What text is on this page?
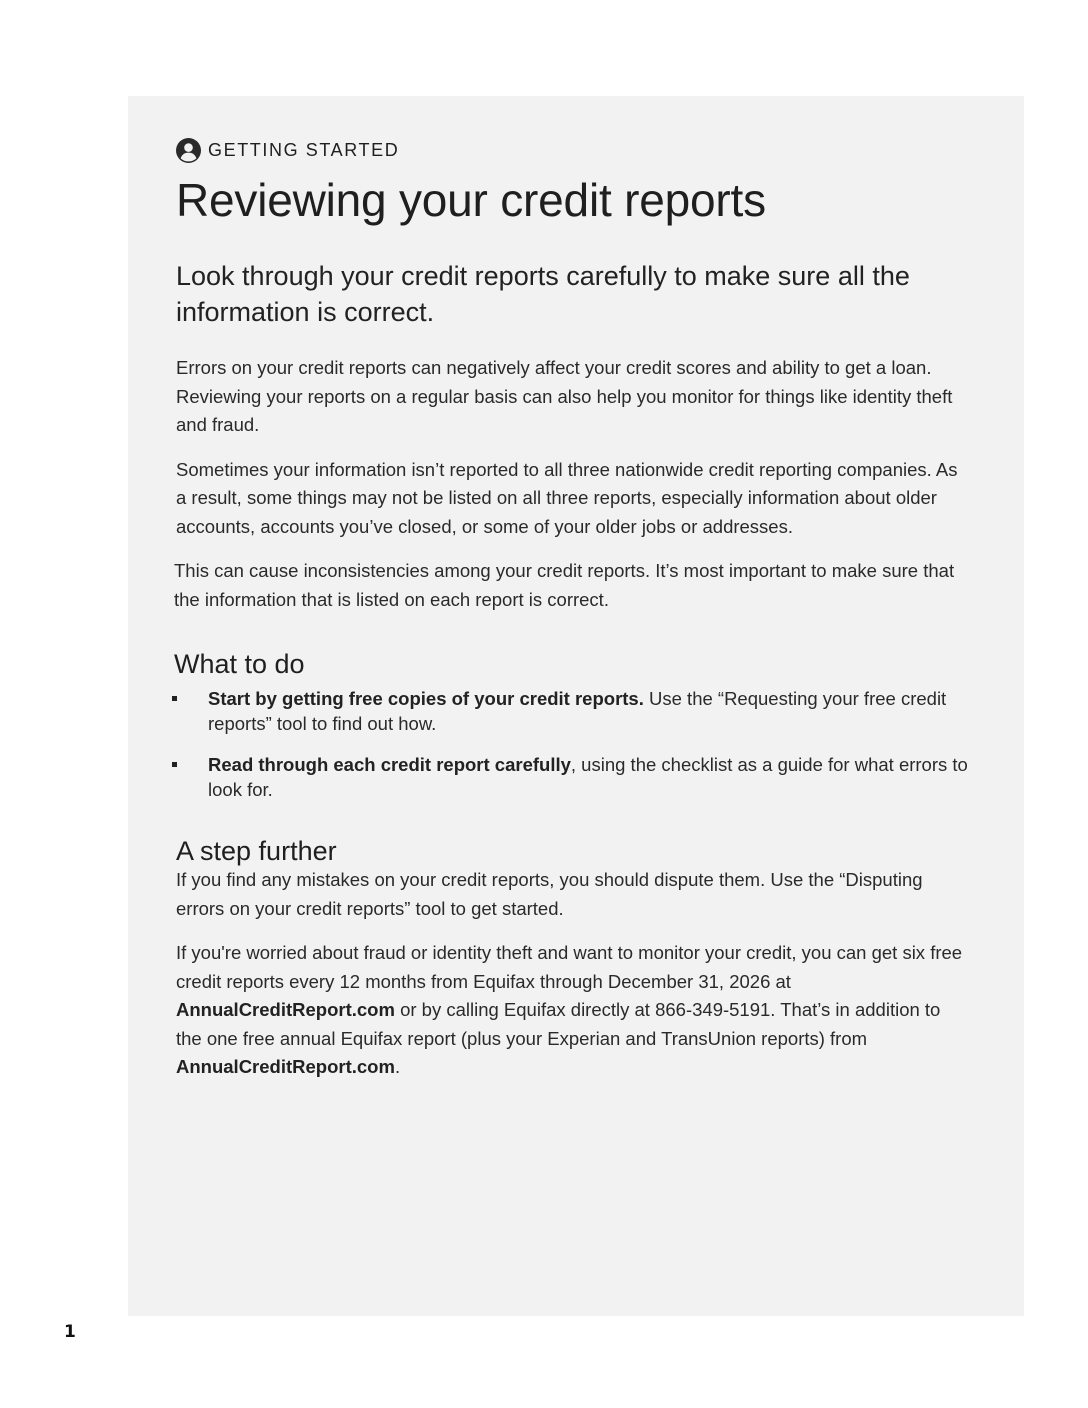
GETTING STARTED
Reviewing your credit reports

Look through your credit reports carefully to make sure all the information is correct.

Errors on your credit reports can negatively affect your credit scores and ability to get a loan. Reviewing your reports on a regular basis can also help you monitor for things like identity theft and fraud.

Sometimes your information isn’t reported to all three nationwide credit reporting companies. As a result, some things may not be listed on all three reports, especially information about older accounts, accounts you’ve closed, or some of your older jobs or addresses.

This can cause inconsistencies among your credit reports. It’s most important to make sure that the information that is listed on each report is correct.

What to do
Start by getting free copies of your credit reports. Use the “Requesting your free credit reports” tool to find out how.
Read through each credit report carefully, using the checklist as a guide for what errors to look for.
A step further

If you find any mistakes on your credit reports, you should dispute them. Use the “Disputing errors on your credit reports” tool to get started.

If you're worried about fraud or identity theft and want to monitor your credit, you can get six free credit reports every 12 months from Equifax through December 31, 2026 at AnnualCreditReport.com or by calling Equifax directly at 866-349-5191. That’s in addition to the one free annual Equifax report (plus your Experian and TransUnion reports) from AnnualCreditReport.com.

1
